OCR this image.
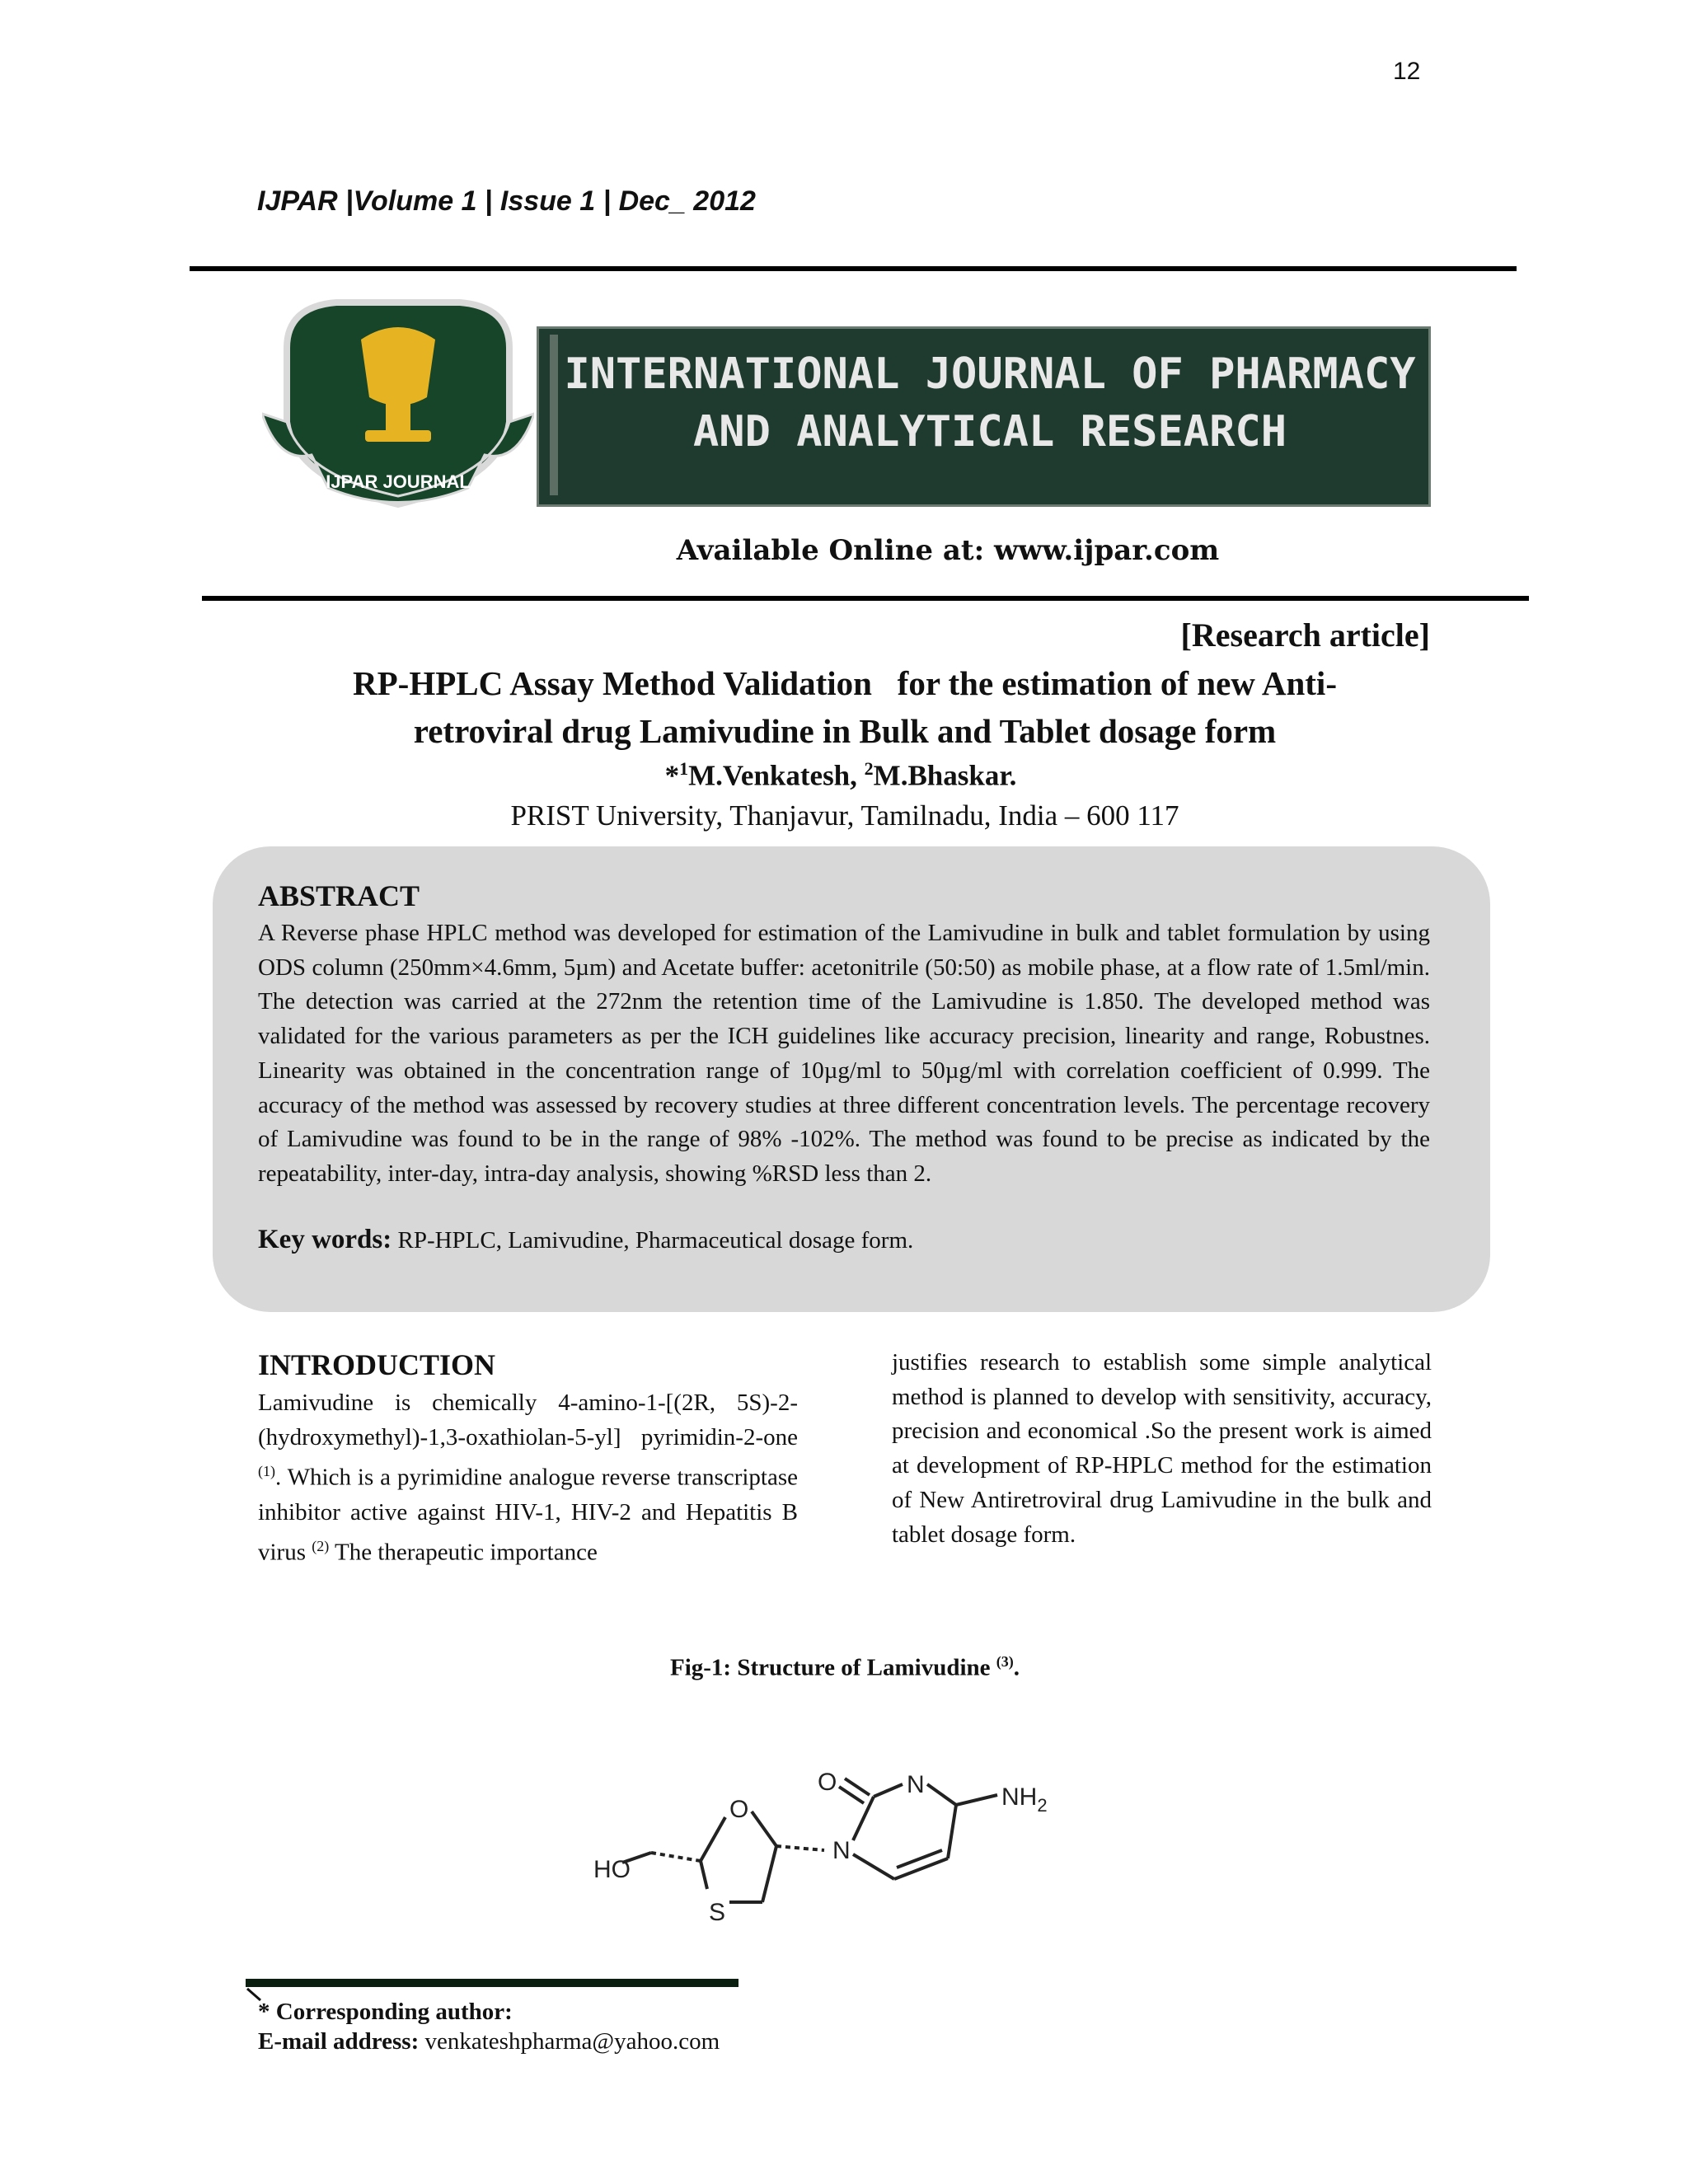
12
IJPAR |Volume 1 | Issue 1 | Dec_ 2012
IJPAR JOURNAL
INTERNATIONAL JOURNAL OF PHARMACY
AND ANALYTICAL RESEARCH
Available Online at: www.ijpar.com
[Research article]
RP-HPLC Assay Method Validation   for the estimation of new Anti-
retroviral drug Lamivudine in Bulk and Tablet dosage form
*$^1$M.Venkatesh, $^2$M.Bhaskar.
PRIST University, Thanjavur, Tamilnadu, India – 600 117
ABSTRACT
A Reverse phase HPLC method was developed for estimation of the Lamivudine in bulk and tablet formulation by using ODS column (250mm×4.6mm, 5µm) and Acetate buffer: acetonitrile (50:50) as mobile phase, at a flow rate of 1.5ml/min. The detection was carried at the 272nm the retention time of the Lamivudine is 1.850. The developed method was validated for the various parameters as per the ICH guidelines like accuracy precision, linearity and range, Robustnes. Linearity was obtained in the concentration range of 10µg/ml to 50µg/ml with correlation coefficient of 0.999. The accuracy of the method was assessed by recovery studies at three different concentration levels. The percentage recovery of Lamivudine was found to be in the range of 98% -102%. The method was found to be precise as indicated by the repeatability, inter-day, intra-day analysis, showing %RSD less than 2.
Key words: RP-HPLC, Lamivudine, Pharmaceutical dosage form.
INTRODUCTION
Lamivudine is chemically 4-amino-1-[(2R, 5S)-2-(hydroxymethyl)-1,3-oxathiolan-5-yl] pyrimidin-2-one $^{(1)}$. Which is a pyrimidine analogue reverse transcriptase inhibitor active against HIV-1, HIV-2 and Hepatitis B virus $^{(2)}$ The therapeutic importance
justifies research to establish some simple analytical method is planned to develop with sensitivity, accuracy, precision and economical .So the present work is aimed at development of RP-HPLC method for the estimation of New Antiretroviral drug Lamivudine in the bulk and tablet dosage form.
Fig-1: Structure of Lamivudine $^{(3)}$.
HO
O
S
N
O	N	$NH_2$
* Corresponding author:
E-mail address: venkateshpharma@yahoo.com
